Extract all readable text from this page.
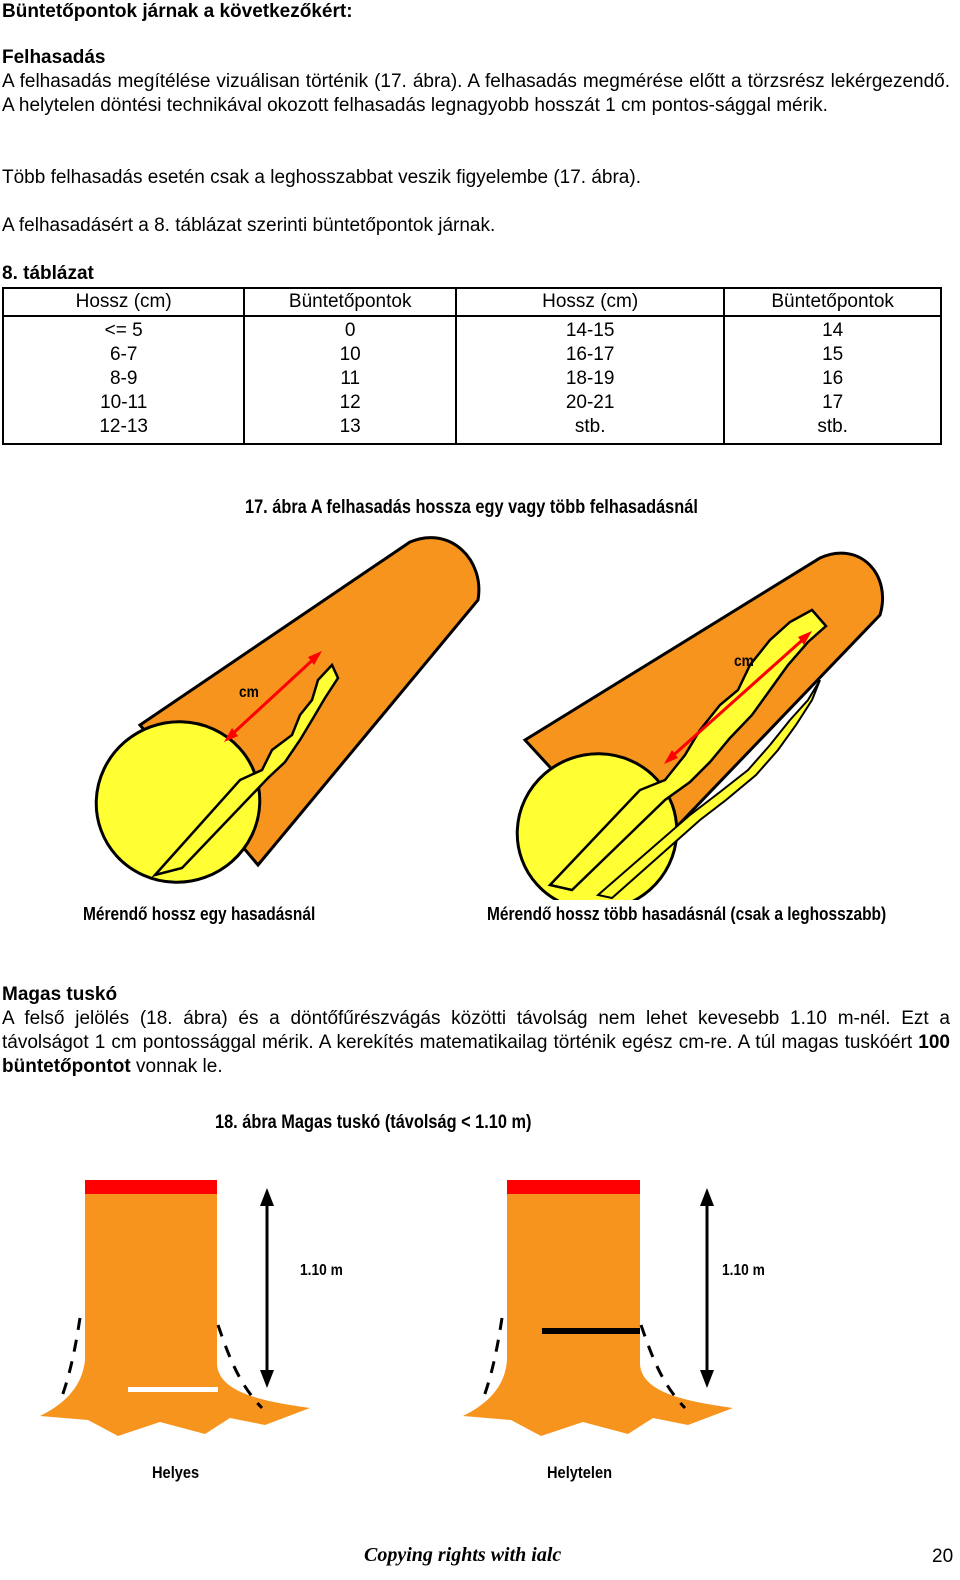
Büntetőpontok járnak a következőkért:
Felhasadás
A felhasadás megítélése vizuálisan történik (17. ábra). A felhasadás megmérése előtt a törzsrész lekérgezendő. A helytelen döntési technikával okozott felhasadás legnagyobb hosszát 1 cm pontos-sággal mérik.
Több felhasadás esetén csak a leghosszabbat veszik figyelembe (17. ábra).
A felhasadásért a 8. táblázat szerinti büntetőpontok járnak.
8. táblázat
Hossz (cm)	Büntetőpontok	Hossz (cm)	Büntetőpontok
<= 5	0	14-15	14
6-7	10	16-17	15
8-9	11	18-19	16
10-11	12	20-21	17
12-13	13	stb.	stb.
17. ábra A felhasadás hossza egy vagy több felhasadásnál
cm
cm
Mérendő hossz egy hasadásnál	Mérendő hossz több hasadásnál (csak a leghosszabb)
Magas tuskó
A felső jelölés (18. ábra) és a döntőfűrészvágás közötti távolság nem lehet kevesebb 1.10 m-nél. Ezt a távolságot 1 cm pontossággal mérik. A kerekítés matematikailag történik egész cm-re. A túl magas tuskóért 100 büntetőpontot vonnak le.
18. ábra Magas tuskó (távolság < 1.10 m)
1.10 m	1.10 m
Helyes	Helytelen
Copying rights with ialc	20
